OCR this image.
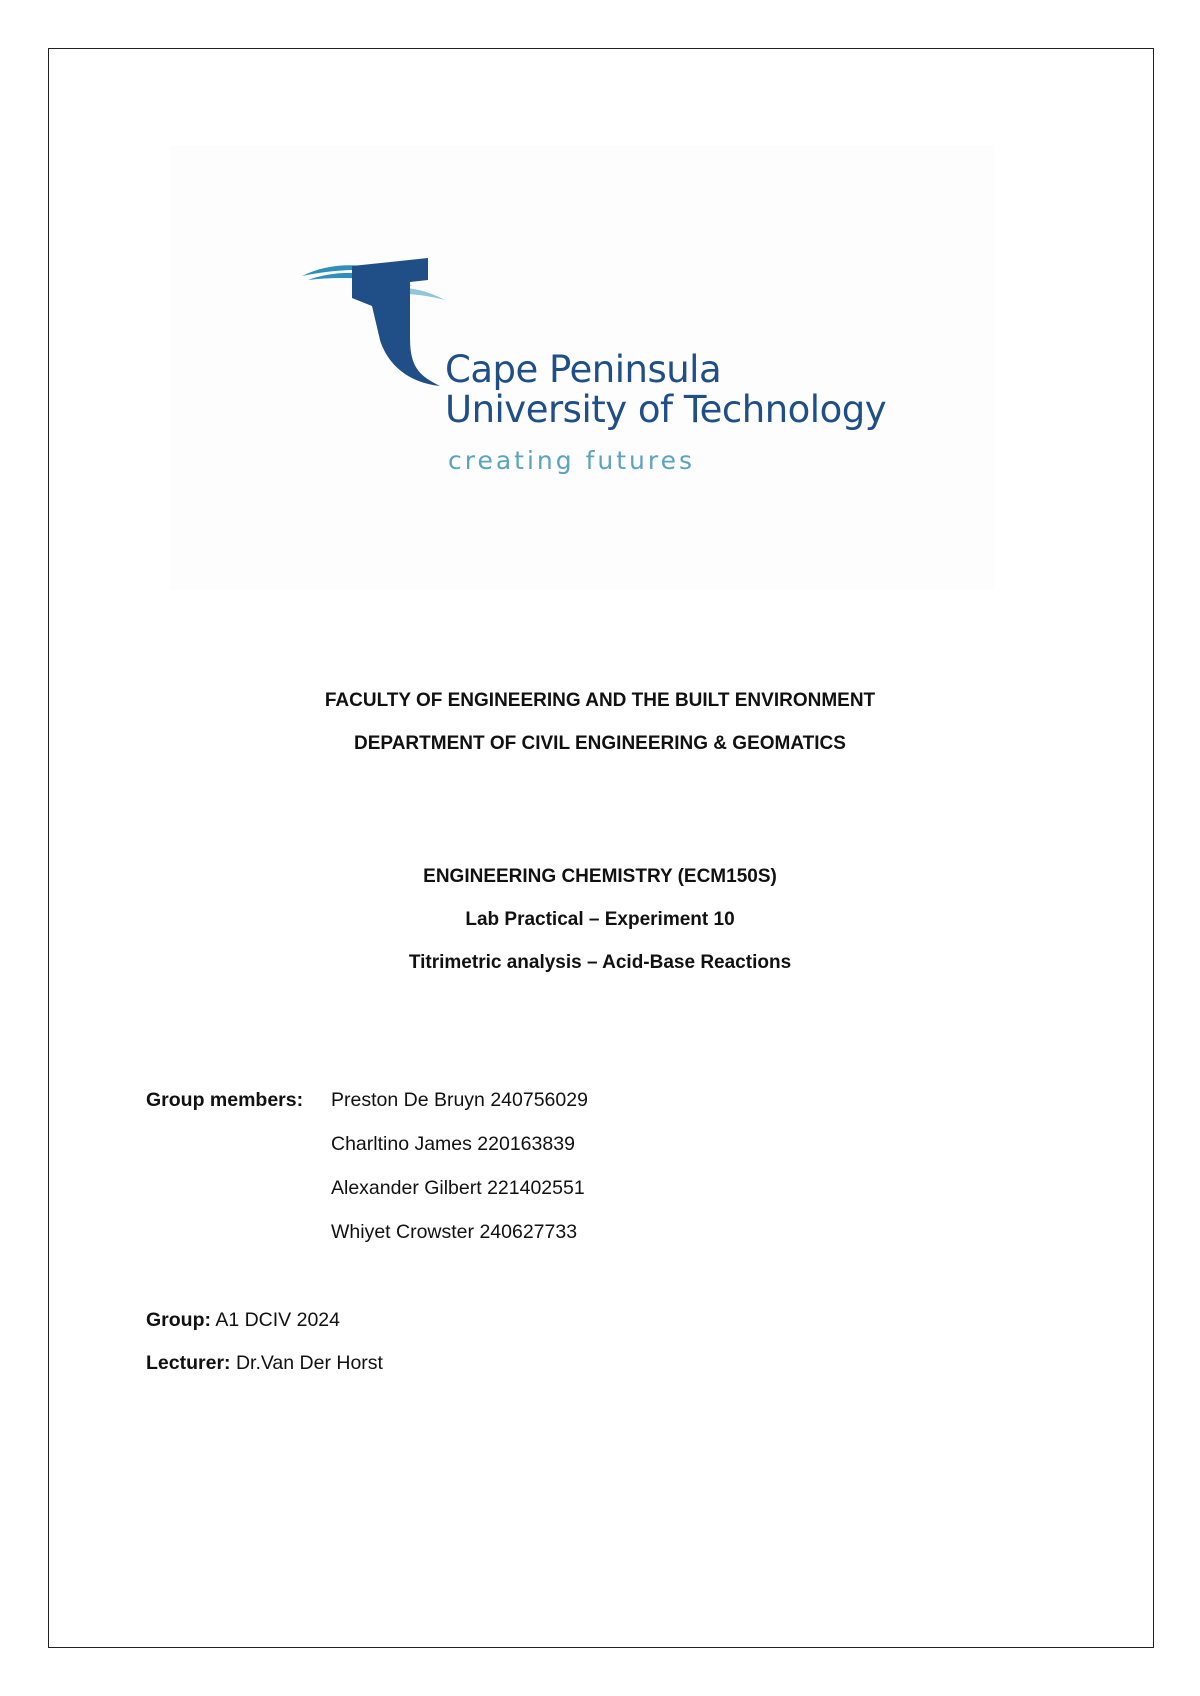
Cape Peninsula
University of Technology
creating futures
FACULTY OF ENGINEERING AND THE BUILT ENVIRONMENT
DEPARTMENT OF CIVIL ENGINEERING & GEOMATICS
ENGINEERING CHEMISTRY (ECM150S)
Lab Practical – Experiment 10
Titrimetric analysis – Acid-Base Reactions
Group members: Preston De Bruyn 240756029
Charltino James 220163839
Alexander Gilbert 221402551
Whiyet Crowster 240627733
Group: A1 DCIV 2024
Lecturer: Dr.Van Der Horst
